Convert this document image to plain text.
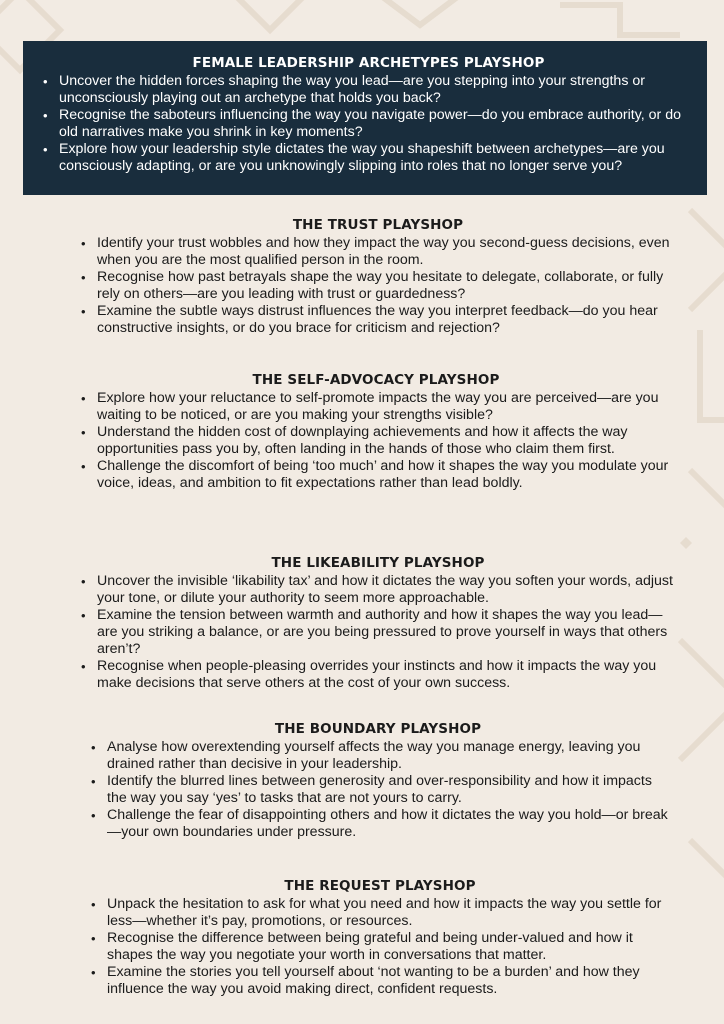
FEMALE LEADERSHIP ARCHETYPES PLAYSHOP
• Uncover the hidden forces shaping the way you lead—are you stepping into your strengths or unconsciously playing out an archetype that holds you back?
• Recognise the saboteurs influencing the way you navigate power—do you embrace authority, or do old narratives make you shrink in key moments?
• Explore how your leadership style dictates the way you shapeshift between archetypes—are you consciously adapting, or are you unknowingly slipping into roles that no longer serve you?
THE TRUST PLAYSHOP
• Identify your trust wobbles and how they impact the way you second-guess decisions, even when you are the most qualified person in the room.
• Recognise how past betrayals shape the way you hesitate to delegate, collaborate, or fully rely on others—are you leading with trust or guardedness?
• Examine the subtle ways distrust influences the way you interpret feedback—do you hear constructive insights, or do you brace for criticism and rejection?
THE SELF-ADVOCACY PLAYSHOP
• Explore how your reluctance to self-promote impacts the way you are perceived—are you waiting to be noticed, or are you making your strengths visible?
• Understand the hidden cost of downplaying achievements and how it affects the way opportunities pass you by, often landing in the hands of those who claim them first.
• Challenge the discomfort of being ‘too much’ and how it shapes the way you modulate your voice, ideas, and ambition to fit expectations rather than lead boldly.
THE LIKEABILITY PLAYSHOP
• Uncover the invisible ‘likability tax’ and how it dictates the way you soften your words, adjust your tone, or dilute your authority to seem more approachable.
• Examine the tension between warmth and authority and how it shapes the way you lead—are you striking a balance, or are you being pressured to prove yourself in ways that others aren’t?
• Recognise when people-pleasing overrides your instincts and how it impacts the way you make decisions that serve others at the cost of your own success.
THE BOUNDARY PLAYSHOP
• Analyse how overextending yourself affects the way you manage energy, leaving you drained rather than decisive in your leadership.
• Identify the blurred lines between generosity and over-responsibility and how it impacts the way you say ‘yes’ to tasks that are not yours to carry.
• Challenge the fear of disappointing others and how it dictates the way you hold—or break—your own boundaries under pressure.
THE REQUEST PLAYSHOP
• Unpack the hesitation to ask for what you need and how it impacts the way you settle for less—whether it’s pay, promotions, or resources.
• Recognise the difference between being grateful and being under-valued and how it shapes the way you negotiate your worth in conversations that matter.
• Examine the stories you tell yourself about ‘not wanting to be a burden’ and how they influence the way you avoid making direct, confident requests.
